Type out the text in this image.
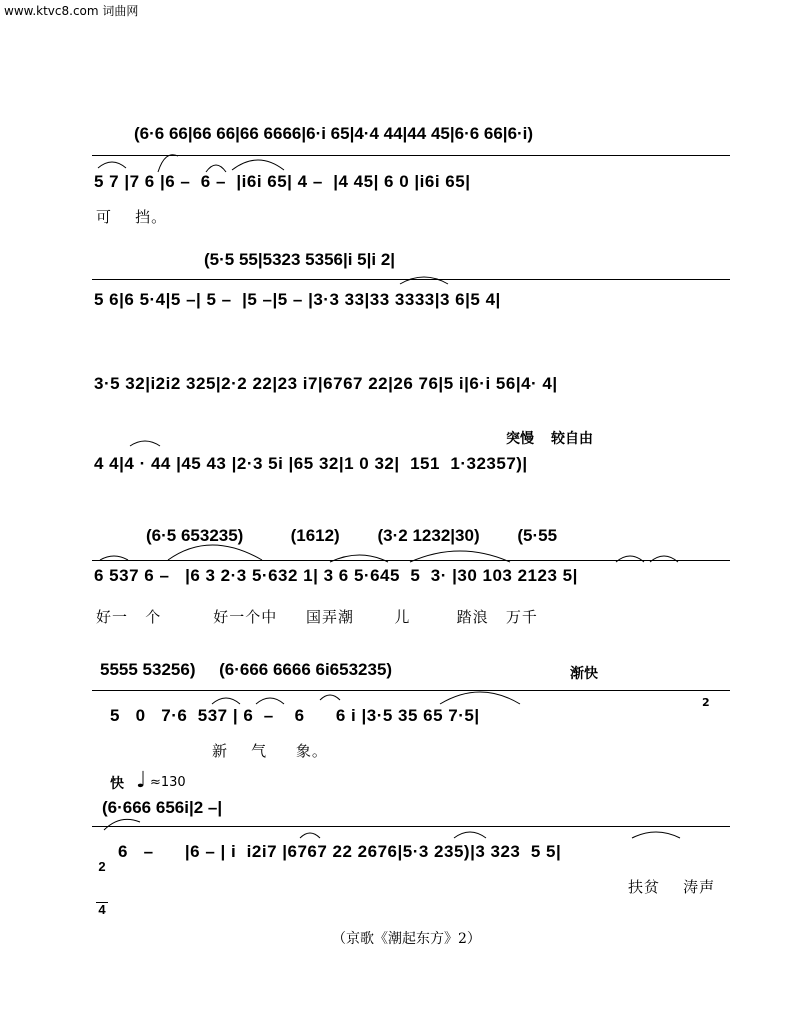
www.ktvc8.com 词曲网
(6·6 66|66 66|66 6666|6·i 65|4·4 44|44 45|6·6 66|6·i)
5 7 |7 6 |6 –  6 –  |i6i 65| 4 –  |4 45| 6 0 |i6i 65|
可    挡。
(5·5 55|5323 5356|i 5|i 2|
5 6|6 5·4|5 –| 5 –  |5 –|5 – |3·3 33|33 3333|3 6|5 4|
3·5 32|i2i2 325|2·2 22|23 i7|6767 22|26 76|5 i|6·i 56|4· 4|
突慢 较自由
4 4|4 · 44 |45 43 |2·3 5i |65 32|1 0 32|  151  1·32357)|
(6·5 653235)          (1612)        (3·2 1232|30)        (5·55
6 537 6 –   |6 3 2·3 5·632 1| 3 6 5·645  5  3· |30 103 2123 5|
好一   个         好一个中     国弄潮       儿        踏浪   万千
5555 53256)     (6·666 6666 6i653235)	渐快
5   0   7·6  537 | 6  –    6      6 i |3·5 35 65 7·5|
2
新    气     象。
快 ♩ ≈130
(6·666 656i|2 –|

$\frac{2}{4} 6$   –      |6 – | i  i2i7 |6767 22 2676|5·3 235)|3 323  5 5|
扶贫    涛声
（京歌《潮起东方》2）
